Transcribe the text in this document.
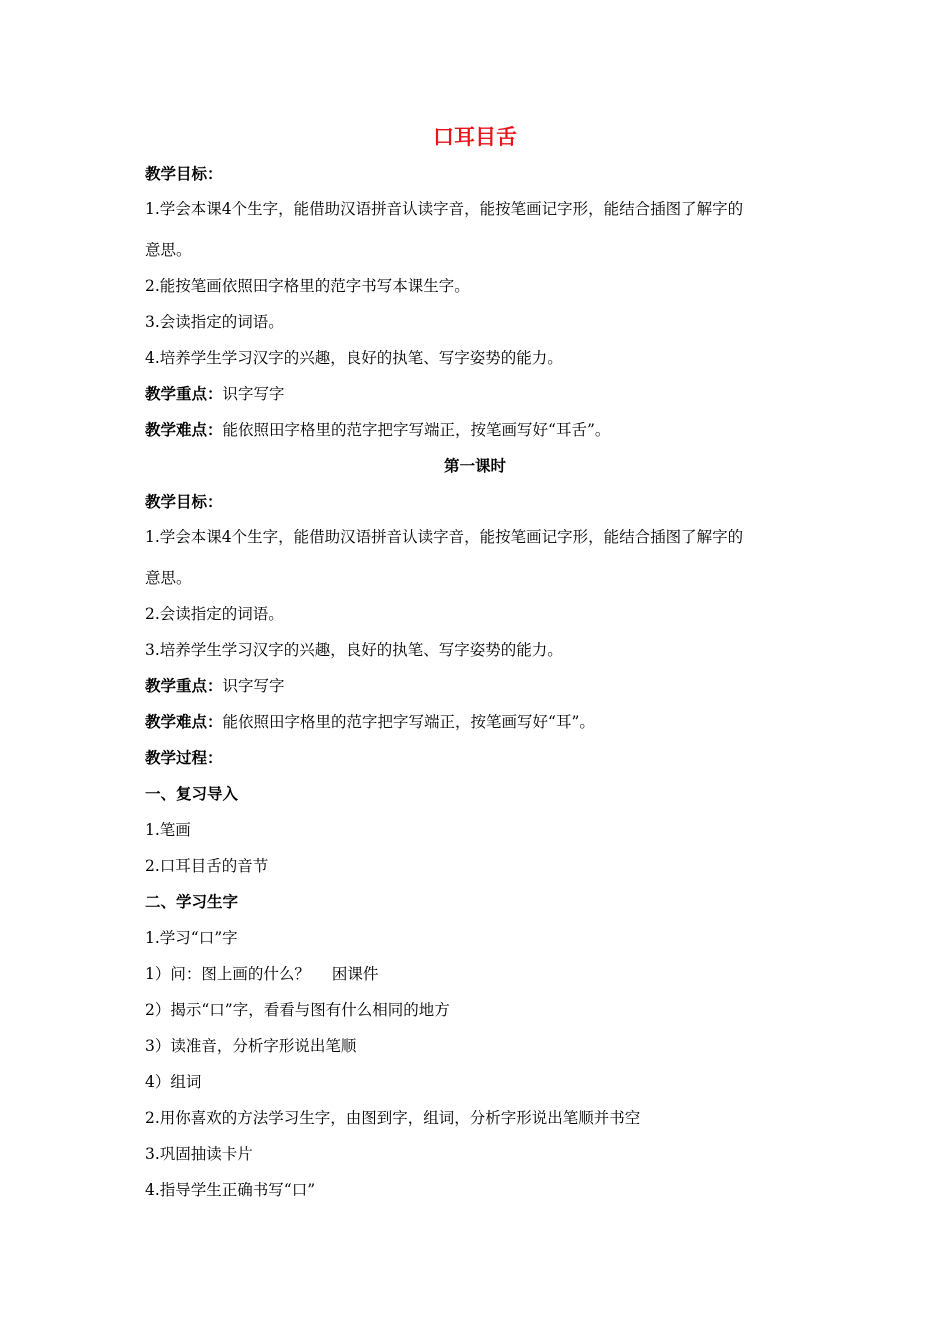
口耳目舌
教学目标：
1.学会本课4个生字，能借助汉语拼音认读字音，能按笔画记字形，能结合插图了解字的
意思。
2.能按笔画依照田字格里的范字书写本课生字。
3.会读指定的词语。
4.培养学生学习汉字的兴趣，良好的执笔、写字姿势的能力。
教学重点：识字写字
教学难点：能依照田字格里的范字把字写端正，按笔画写好“耳舌”。
第一课时
教学目标：
1.学会本课4个生字，能借助汉语拼音认读字音，能按笔画记字形，能结合插图了解字的
意思。
2.会读指定的词语。
3.培养学生学习汉字的兴趣，良好的执笔、写字姿势的能力。
教学重点：识字写字
教学难点：能依照田字格里的范字把字写端正，按笔画写好“耳”。
教学过程：
一、复习导入
1.笔画
2.口耳目舌的音节
二、学习生字
1.学习“口”字
1）问：图上画的什么？ 困课件
2）揭示“口”字，看看与图有什么相同的地方
3）读准音，分析字形说出笔顺
4）组词
2.用你喜欢的方法学习生字，由图到字，组词，分析字形说出笔顺并书空
3.巩固抽读卡片
4.指导学生正确书写“口”
